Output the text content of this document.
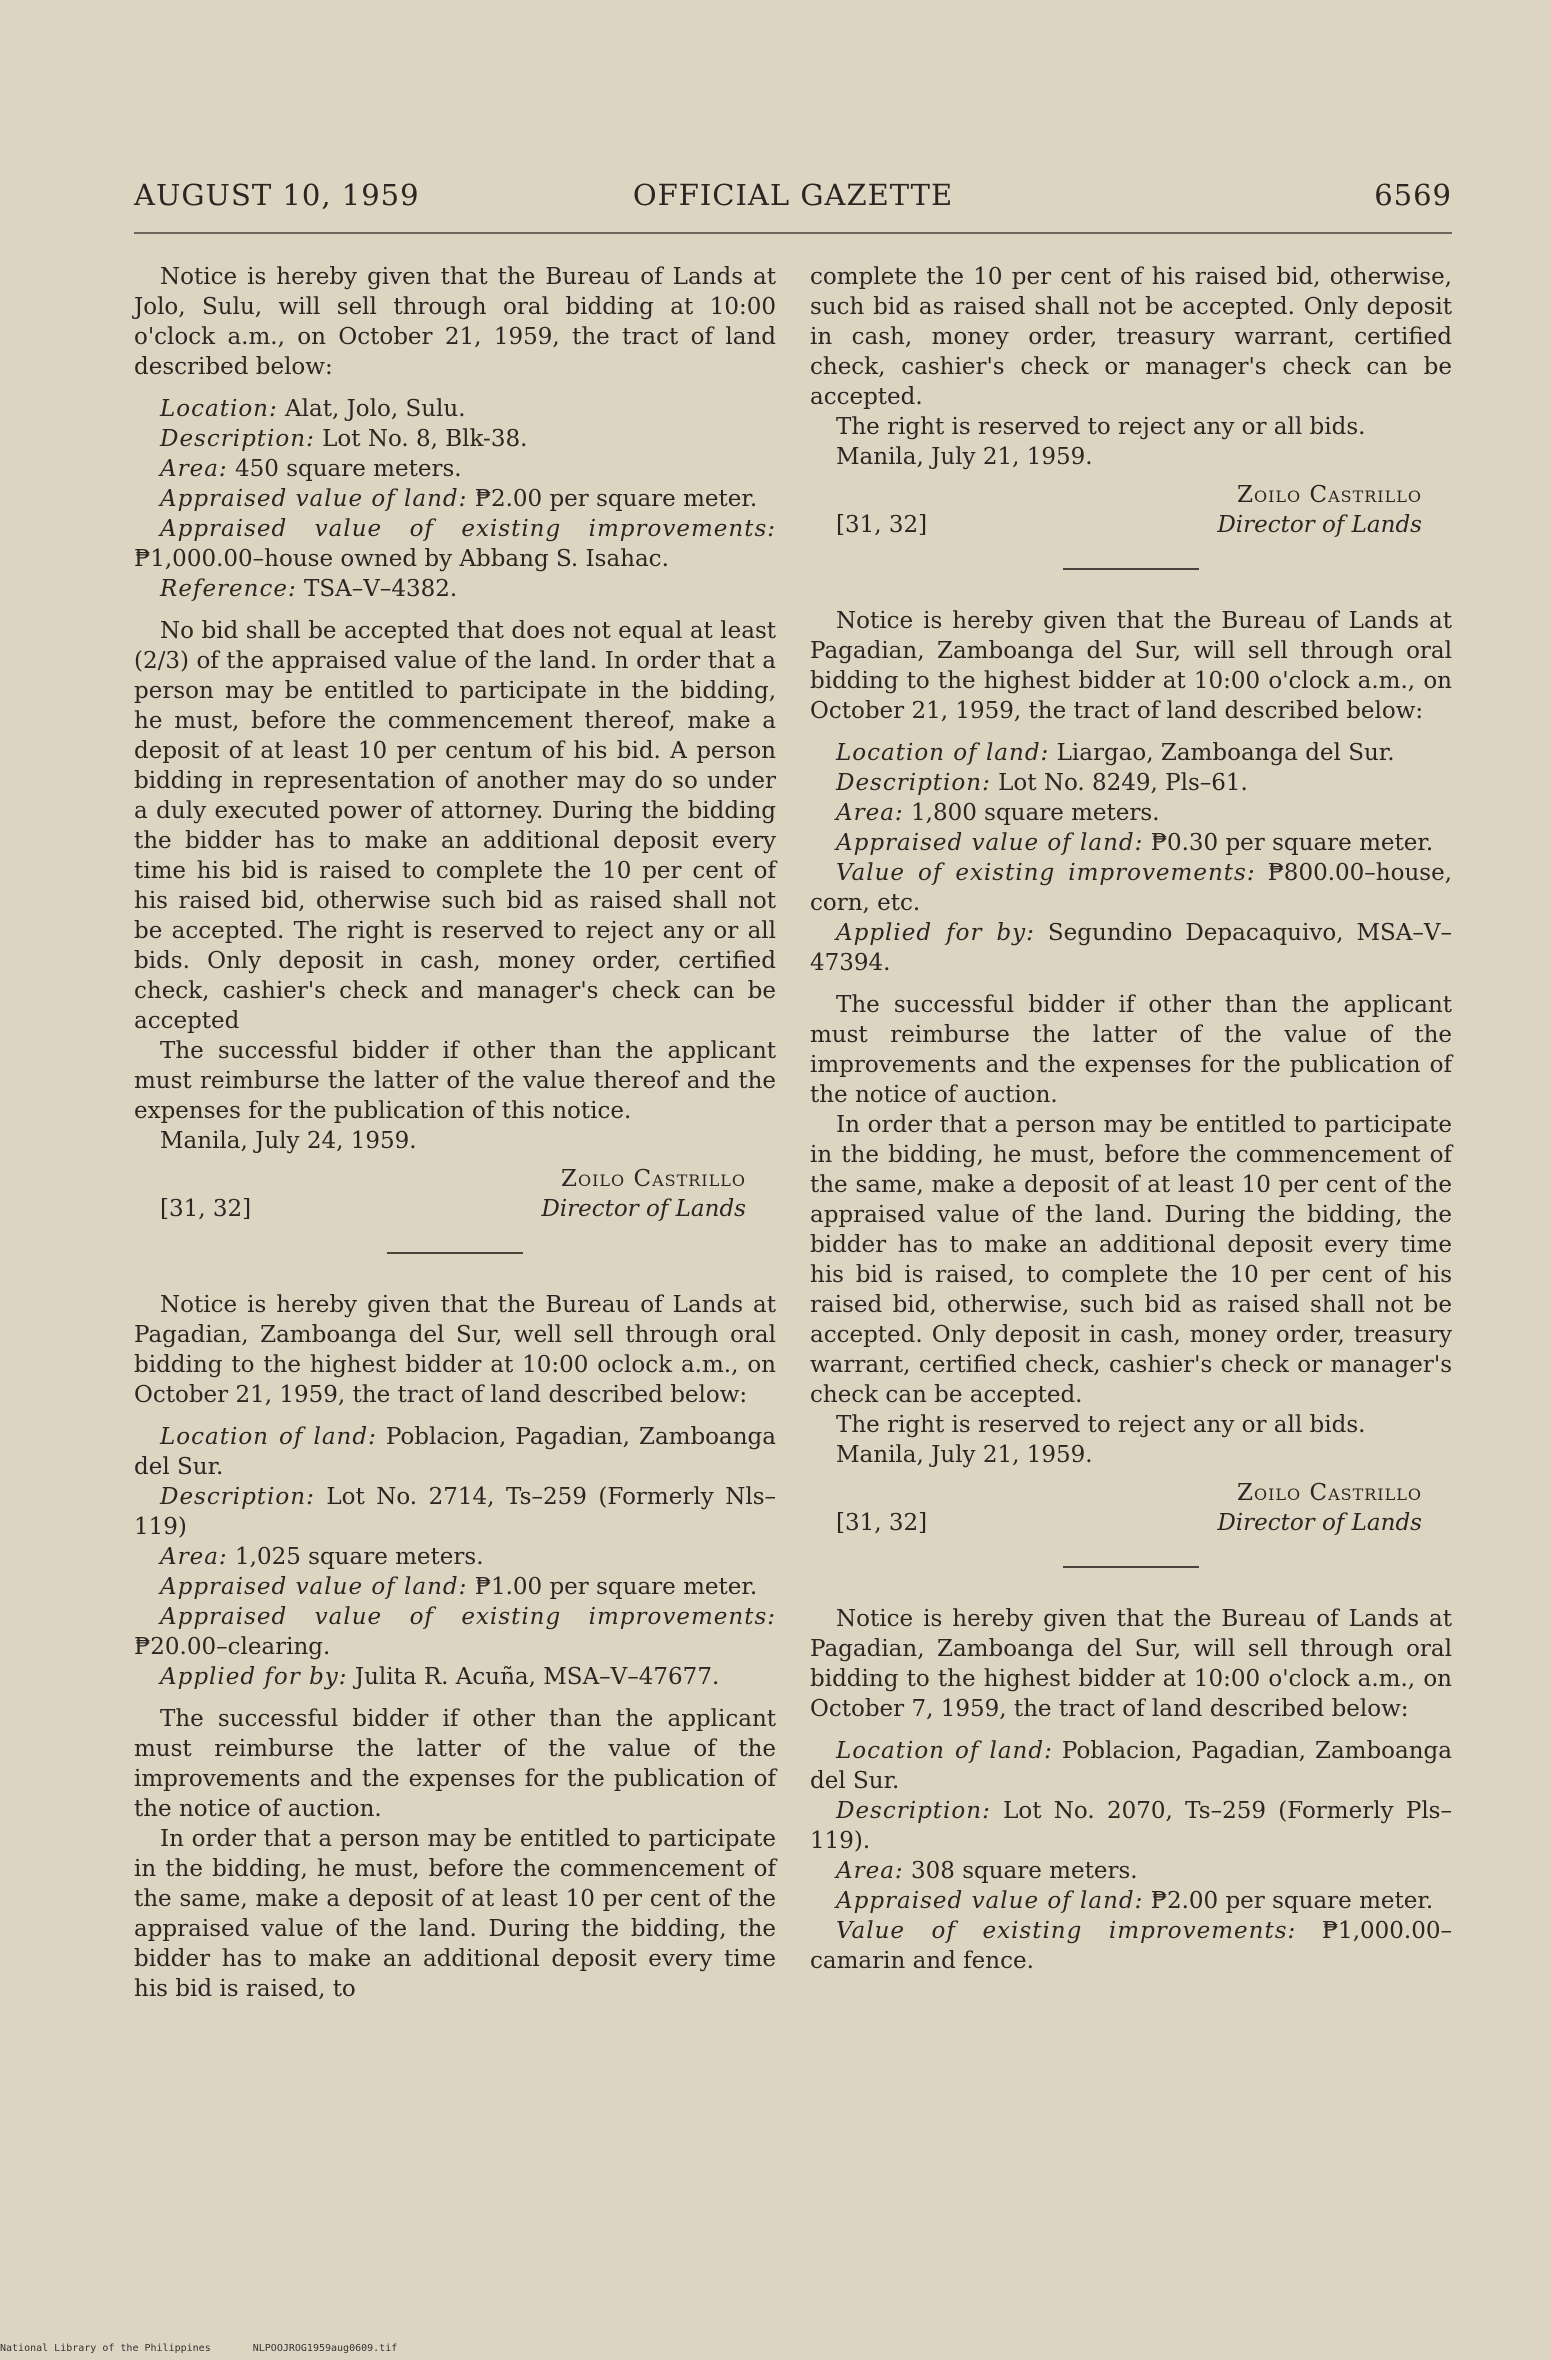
AUGUST 10, 1959	OFFICIAL GAZETTE	6569

Notice is hereby given that the Bureau of Lands at Jolo, Sulu, will sell through oral bidding at 10:00 o'clock a.m., on October 21, 1959, the tract of land described below:

Location: Alat, Jolo, Sulu.

Description: Lot No. 8, Blk-38.

Area: 450 square meters.

Appraised value of land: ₱2.00 per square meter.

Appraised value of existing improvements: ₱1,000.00–house owned by Abbang S. Isahac.

Reference: TSA–V–4382.

No bid shall be accepted that does not equal at least (2/3) of the appraised value of the land. In order that a person may be entitled to participate in the bidding, he must, before the commencement thereof, make a deposit of at least 10 per centum of his bid. A person bidding in representation of another may do so under a duly executed power of attorney. During the bidding the bidder has to make an additional deposit every time his bid is raised to complete the 10 per cent of his raised bid, otherwise such bid as raised shall not be accepted. The right is reserved to reject any or all bids. Only deposit in cash, money order, certified check, cashier's check and manager's check can be accepted

The successful bidder if other than the applicant must reimburse the latter of the value thereof and the expenses for the publication of this notice.

Manila, July 24, 1959.

Zoilo Castrillo
[31, 32]	Director of Lands

Notice is hereby given that the Bureau of Lands at Pagadian, Zamboanga del Sur, well sell through oral bidding to the highest bidder at 10:00 oclock a.m., on October 21, 1959, the tract of land described below:

Location of land: Poblacion, Pagadian, Zamboanga del Sur.

Description: Lot No. 2714, Ts–259 (Formerly Nls–119)

Area: 1,025 square meters.

Appraised value of land: ₱1.00 per square meter.

Appraised value of existing improvements: ₱20.00–clearing.

Applied for by: Julita R. Acuña, MSA–V–47677.

The successful bidder if other than the applicant must reimburse the latter of the value of the improvements and the expenses for the publication of the notice of auction.

In order that a person may be entitled to participate in the bidding, he must, before the commencement of the same, make a deposit of at least 10 per cent of the appraised value of the land. During the bidding, the bidder has to make an additional deposit every time his bid is raised, to

complete the 10 per cent of his raised bid, otherwise, such bid as raised shall not be accepted. Only deposit in cash, money order, treasury warrant, certified check, cashier's check or manager's check can be accepted.

The right is reserved to reject any or all bids.

Manila, July 21, 1959.

Zoilo Castrillo
[31, 32]	Director of Lands

Notice is hereby given that the Bureau of Lands at Pagadian, Zamboanga del Sur, will sell through oral bidding to the highest bidder at 10:00 o'clock a.m., on October 21, 1959, the tract of land described below:

Location of land: Liargao, Zamboanga del Sur.

Description: Lot No. 8249, Pls–61.

Area: 1,800 square meters.

Appraised value of land: ₱0.30 per square meter.

Value of existing improvements: ₱800.00–house, corn, etc.

Applied for by: Segundino Depacaquivo, MSA–V–47394.

The successful bidder if other than the applicant must reimburse the latter of the value of the improvements and the expenses for the publication of the notice of auction.

In order that a person may be entitled to participate in the bidding, he must, before the commencement of the same, make a deposit of at least 10 per cent of the appraised value of the land. During the bidding, the bidder has to make an additional deposit every time his bid is raised, to complete the 10 per cent of his raised bid, otherwise, such bid as raised shall not be accepted. Only deposit in cash, money order, treasury warrant, certified check, cashier's check or manager's check can be accepted.

The right is reserved to reject any or all bids.

Manila, July 21, 1959.

Zoilo Castrillo
[31, 32]	Director of Lands

Notice is hereby given that the Bureau of Lands at Pagadian, Zamboanga del Sur, will sell through oral bidding to the highest bidder at 10:00 o'clock a.m., on October 7, 1959, the tract of land described below:

Location of land: Poblacion, Pagadian, Zamboanga del Sur.

Description: Lot No. 2070, Ts–259 (Formerly Pls–119).

Area: 308 square meters.

Appraised value of land: ₱2.00 per square meter.

Value of existing improvements: ₱1,000.00–camarin and fence.

National Library of the Philippines	NLPOOJROG1959aug0609.tif
